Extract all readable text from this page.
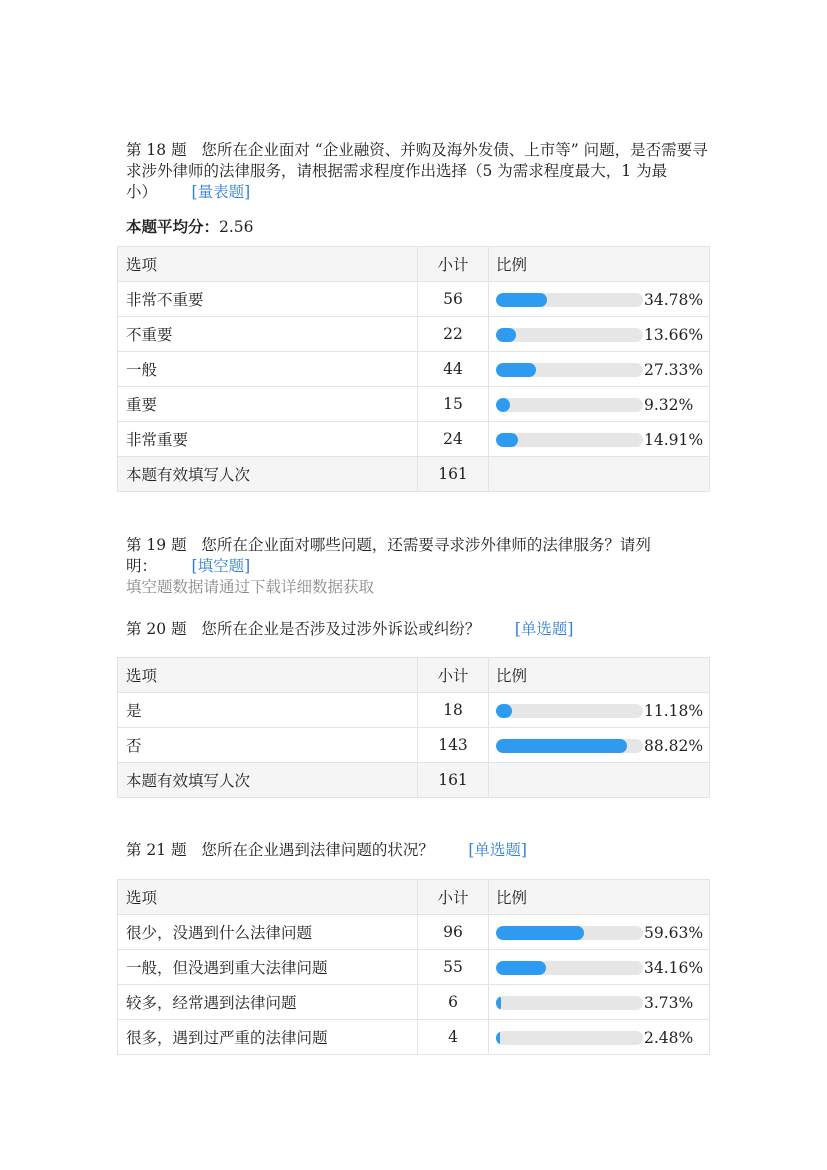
第 18 题 您所在企业面对 “企业融资、并购及海外发债、上市等” 问题，是否需要寻求涉外律师的法律服务，请根据需求程度作出选择（5 为需求程度最大，1 为最小） [量表题]
本题平均分：2.56
选项	小计	比例
非常不重要	56	34.78%
不重要	22	13.66%
一般	44	27.33%
重要	15	9.32%
非常重要	24	14.91%
本题有效填写人次	161	
第 19 题 您所在企业面对哪些问题，还需要寻求涉外律师的法律服务？请列明： [填空题]
填空题数据请通过下载详细数据获取
第 20 题 您所在企业是否涉及过涉外诉讼或纠纷？ [单选题]
选项	小计	比例
是	18	11.18%
否	143	88.82%
本题有效填写人次	161	
第 21 题 您所在企业遇到法律问题的状况？ [单选题]
选项	小计	比例
很少，没遇到什么法律问题	96	59.63%
一般，但没遇到重大法律问题	55	34.16%
较多，经常遇到法律问题	6	3.73%
很多，遇到过严重的法律问题	4	2.48%
